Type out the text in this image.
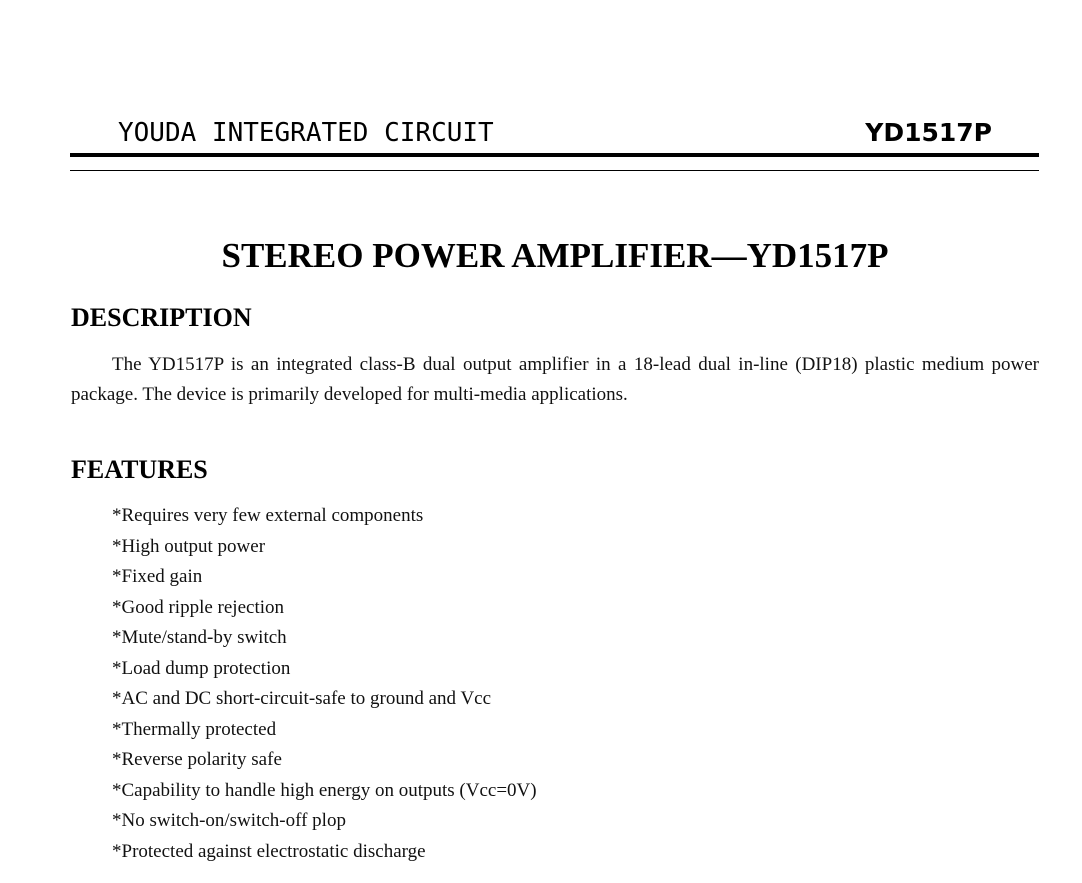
YOUDA INTEGRATED CIRCUIT	YD1517P
STEREO POWER AMPLIFIER—YD1517P
DESCRIPTION
The YD1517P is an integrated class-B dual output amplifier in a 18-lead dual in-line (DIP18) plastic medium power package. The device is primarily developed for multi-media applications.
FEATURES
*Requires very few external components
*High output power
*Fixed gain
*Good ripple rejection
*Mute/stand-by switch
*Load dump protection
*AC and DC short-circuit-safe to ground and Vcc
*Thermally protected
*Reverse polarity safe
*Capability to handle high energy on outputs (Vcc=0V)
*No switch-on/switch-off plop
*Protected against electrostatic discharge
